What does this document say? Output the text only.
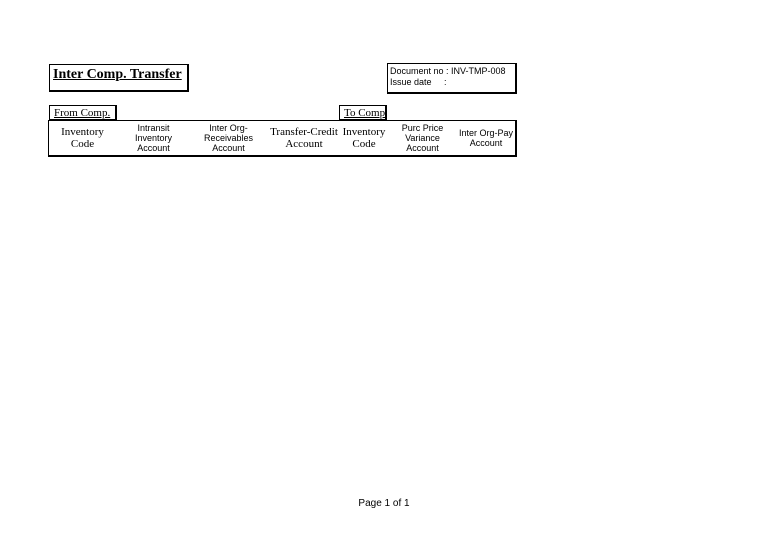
Inter Comp. Transfer	Document no : INV-TMP-008
Issue date     :
From Comp.	To Comp
Inventory
Code
Intransit
Inventory
Account
Inter Org-
Receivables
Account
Transfer-Credit
Account
Inventory
Code
Purc Price
Variance
Account
Inter Org-Pay
Account
Page 1 of 1
